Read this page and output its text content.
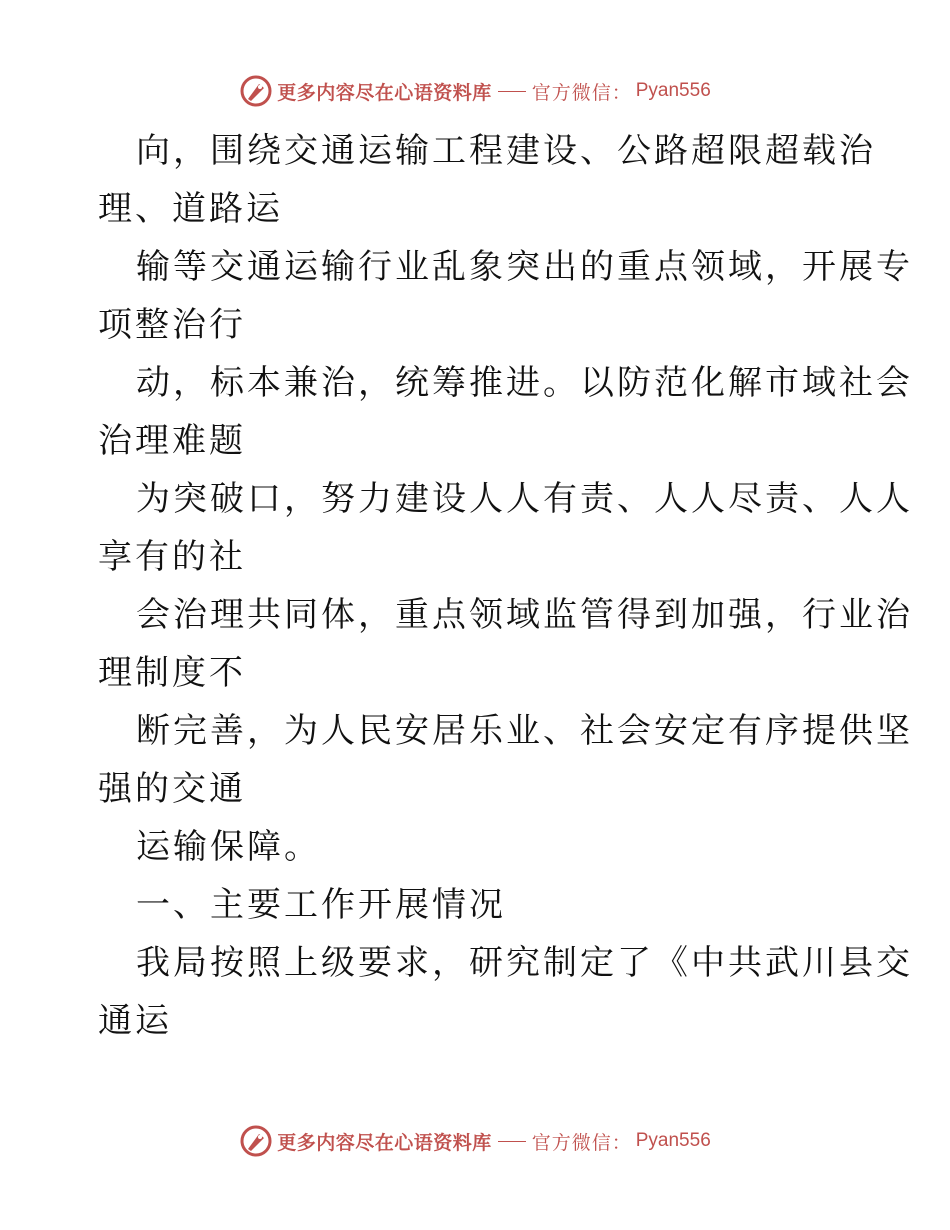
更多内容尽在心语资料库 官方微信： Pyan556
向，围绕交通运输工程建设、公路超限超载治
理、道路运
输等交通运输行业乱象突出的重点领域，开展专
项整治行
动，标本兼治，统筹推进。以防范化解市域社会
治理难题
为突破口，努力建设人人有责、人人尽责、人人
享有的社
会治理共同体，重点领域监管得到加强，行业治
理制度不
断完善，为人民安居乐业、社会安定有序提供坚
强的交通
运输保障。
一、主要工作开展情况
我局按照上级要求，研究制定了《中共武川县交
通运
更多内容尽在心语资料库 官方微信： Pyan556
